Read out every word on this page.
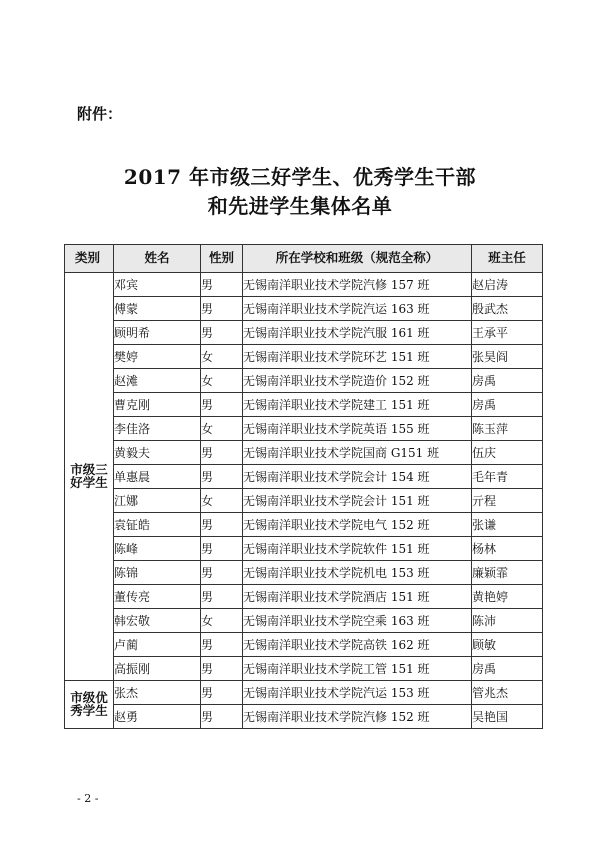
附件：
2017 年市级三好学生、优秀学生干部
和先进学生集体名单
类别	姓名	性别	所在学校和班级（规范全称）	班主任
市级三好学生	邓宾	男	无锡南洋职业技术学院汽修 157 班	赵启涛
	傅蒙	男	无锡南洋职业技术学院汽运 163 班	殷武杰
	顾明希	男	无锡南洋职业技术学院汽服 161 班	王承平
	樊婷	女	无锡南洋职业技术学院环艺 151 班	张昊阎
	赵滩	女	无锡南洋职业技术学院造价 152 班	房禹
	曹克刚	男	无锡南洋职业技术学院建工 151 班	房禹
	李佳洛	女	无锡南洋职业技术学院英语 155 班	陈玉萍
	黄毅夫	男	无锡南洋职业技术学院国商 G151 班	伍庆
	单惠晨	男	无锡南洋职业技术学院会计 154 班	毛年青
	江娜	女	无锡南洋职业技术学院会计 151 班	亓程
	袁钲皓	男	无锡南洋职业技术学院电气 152 班	张谦
	陈峰	男	无锡南洋职业技术学院软件 151 班	杨林
	陈锦	男	无锡南洋职业技术学院机电 153 班	廉颖霏
	董传亮	男	无锡南洋职业技术学院酒店 151 班	黄艳婷
	韩宏敬	女	无锡南洋职业技术学院空乘 163 班	陈沛
	卢蔺	男	无锡南洋职业技术学院高铁 162 班	顾敏
	高振刚	男	无锡南洋职业技术学院工管 151 班	房禹
市级优秀学生	张杰	男	无锡南洋职业技术学院汽运 153 班	管兆杰
	赵勇	男	无锡南洋职业技术学院汽修 152 班	吴艳国
- 2 -
